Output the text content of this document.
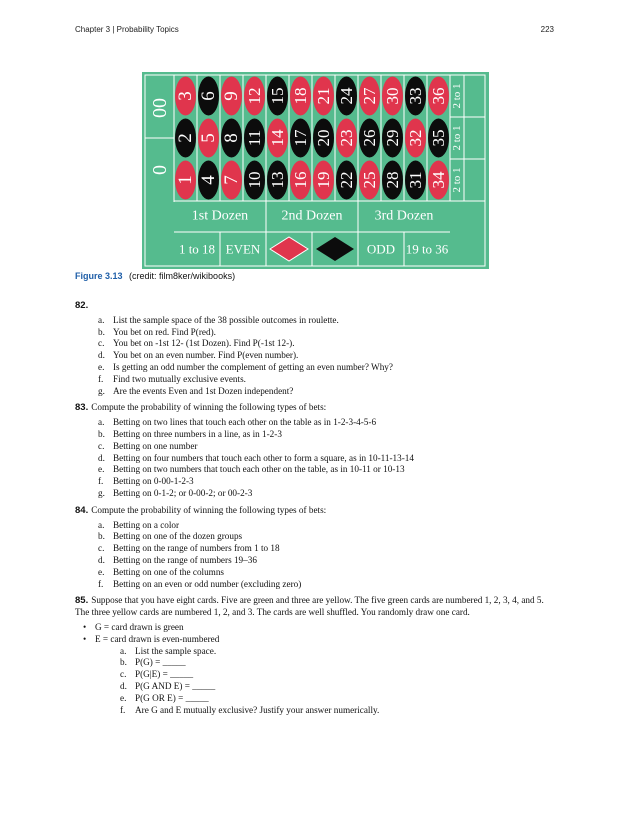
Chapter 3 | Probability Topics	223
00
0
3 6 9 12 15 18 21 24 27 30 33 36
2 5 8 11 14 17 20 23 26 29 32 35
1 4 7 10 13 16 19 22 25 28 31 34
2 to 1
2 to 1
2 to 1
1st Dozen 2nd Dozen 3rd Dozen
1 to 18 EVEN	ODD 19 to 36
Figure 3.13 (credit: film8ker/wikibooks)
82.
a. List the sample space of the 38 possible outcomes in roulette.
b. You bet on red. Find P(red).
c. You bet on -1st 12- (1st Dozen). Find P(-1st 12-).
d. You bet on an even number. Find P(even number).
e. Is getting an odd number the complement of getting an even number? Why?
f. Find two mutually exclusive events.
g. Are the events Even and 1st Dozen independent?
83. Compute the probability of winning the following types of bets:
a. Betting on two lines that touch each other on the table as in 1-2-3-4-5-6
b. Betting on three numbers in a line, as in 1-2-3
c. Betting on one number
d. Betting on four numbers that touch each other to form a square, as in 10-11-13-14
e. Betting on two numbers that touch each other on the table, as in 10-11 or 10-13
f. Betting on 0-00-1-2-3
g. Betting on 0-1-2; or 0-00-2; or 00-2-3
84. Compute the probability of winning the following types of bets:
a. Betting on a color
b. Betting on one of the dozen groups
c. Betting on the range of numbers from 1 to 18
d. Betting on the range of numbers 19–36
e. Betting on one of the columns
f. Betting on an even or odd number (excluding zero)
85. Suppose that you have eight cards. Five are green and three are yellow. The five green cards are numbered 1, 2, 3, 4, and 5. The three yellow cards are numbered 1, 2, and 3. The cards are well shuffled. You randomly draw one card.
• G = card drawn is green
• E = card drawn is even-numbered
a. List the sample space.
b. P(G) = _____
c. P(G|E) = _____
d. P(G AND E) = _____
e. P(G OR E) = _____
f. Are G and E mutually exclusive? Justify your answer numerically.
